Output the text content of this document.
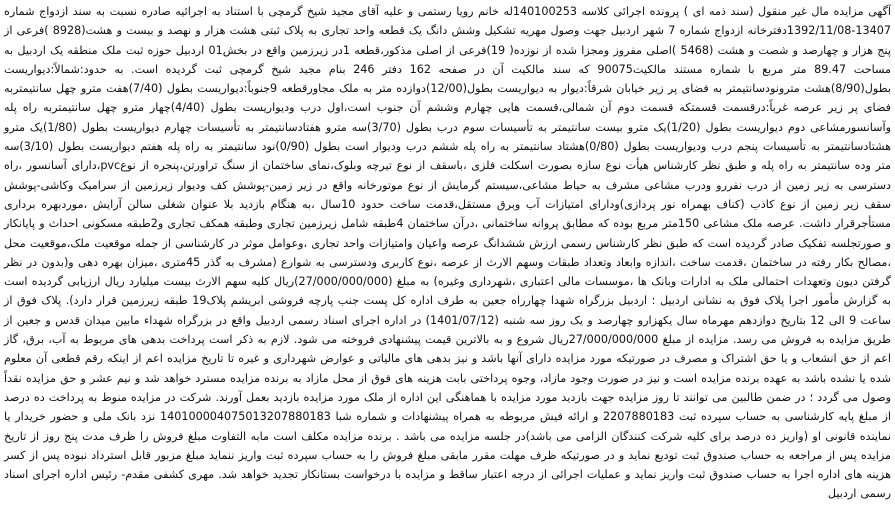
آگهی مزایده مال غیر منقول (سند ذمه ای ) پرونده اجرائی کلاسه 140100253له خانم رویا رستمی و علیه آقای مجید شیخ گرمچی با استناد به اجرائیه صادره نسبت به سند ازدواج شماره 13407-1392/11/08دفترخانه ازدواج شماره 7 شهر اردبیل جهت وصول مهریه تشکیل وشش دانگ یک قطعه واحد تجاری به پلاک ثبتی هشت هزار و نهصد و بیست و هشت(8928 )فرعی از پنج هزار و چهارصد و شصت و هشت (5468 )اصلی مفروز ومجزا شده از نوزده( 19)فرعی از اصلی مذکور،قطعه 1در زیرزمین واقع در بخش01 اردبیل حوزه ثبت ملک منطقه یک اردبیل به مساحت 89.47 متر مربع با شماره مستند مالکیت90075 که سند مالکیت آن در صفحه 162 دفتر 246 بنام مجید شیخ گرمچی ثبت گردیده است. به حدود:شمالاً:دیواریست بطول(8/90)هشت مترونودسانتیمتر به فضای پر زیر خیابان شرقاً:دیوار به دیواریست بطول(12/00)دوازده متر به ملک مجاورقطعه 9جنوباً:دیواریست بطول (7/40)هفت مترو چهل سانتیمتربه فضای پر زیر عرصه غرباً:درقسمت قسمتکه قسمت دوم آن شمالی،قسمت هایی چهارم وششم آن جنوب است،اول درب ودیواریست بطول (4/40)چهار مترو چهل سانتیمتربه راه پله وآسانسورمشاعی دوم دیواریست بطول (1/20)یک مترو بیست سانتیمتر به تأسیسات سوم درب بطول (3/70)سه مترو هفتادسانتیمتر به تأسیسات چهارم دیواریست بطول (1/80)یک مترو هشتادسانتیمتر به تأسیسات پنجم درب ودیواریست بطول (0/80)هشتاد سانتیمتر به راه پله ششم درب ودیوار است بطول (0/90)نود سانتیمتر به راه پله هفتم دیواریست بطول (3/10)سه متر وده سانتیمتر به راه پله و طبق نظر کارشناس هیأت نوع سازه بصورت اسکلت فلزی ،باسقف از نوع تیرچه وبلوک،نمای ساختمان از سنگ تراورتن،پنجره از نوعpvc،دارای آسانسور ،راه دسترسی به زیر زمین از درب نفررو ودرب مشاعی مشرف به حیاط مشاعی،سیستم گرمایش از نوع موتورخانه واقع در زیر زمین-پوشش کف ودیوار زیرزمین از سرامیک وکاشی-پوشش سقف زیر زمین از نوع کاذب (کناف بهمراه نور پردازی)ودارای امتیازات آب وبرق مستقل،قدمت ساخت حدود 10سال ،به هنگام بازدید بلا عنوان شغلی سالن آرایش ،موردبهره برداری مستأجرقرار داشت. عرصه ملک مشاعی 150متر مربع بوده که مطابق پروانه ساختمانی ،درآن ساختمان 4طبقه شامل زیرزمین تجاری وطبقه همکف تجاری و2طبقه مسکونی احداث و پایانکار و صورتجلسه تفکیک صادر گردیده است که طبق نظر کارشناس رسمی ارزش ششدانگ عرصه واعیان وامتیازات واحد تجاری ،وعوامل موثر در کارشناسی از جمله موقعیت ملک،موقعیت محل ،مصالح بکار رفته در ساختمان ،قدمت ساخت ،اندازه وابعاد وتعداد طبقات وسهم الارث از عرصه ،نوع کاربری ودسترسی به شوارع (مشرف به گذر 45متری ،میزان بهره دهی و(بدون در نظر گرفتن دیون وتعهدات احتمالی ملک به ادارات وبانک ها ،موسسات مالی اعتباری ،شهرداری وغیره) به مبلغ (27/000/000/000)ریال کلیه سهم الارث بیست میلیارد ریال ارزیابی گردیده است به گزارش مأمور اجرا پلاک فوق به نشانی اردبیل : اردبیل بزرگراه شهدا چهارراه جعین به طرف اداره کل پست جنب پارچه فروشی ابریشم پلاک19 طبقه زیرزمین قرار دارد). پلاک فوق از ساعت 9 الی 12 بتاریخ دوازدهم مهرماه سال یکهزارو چهارصد و یک روز سه شنبه (1401/07/12) در اداره اجرای اسناد رسمی اردبیل واقع در بزرگراه شهداء مابین میدان قدس و جعین از طریق مزایده به فروش می رسد. مزایده از مبلغ 27/000/000/000ریال شروع و به بالاترین قیمت پیشنهادی فروخته می شود. لازم به ذکر است پرداخت بدهی های مربوط به آب، برق، گاز اعم از حق انشعاب و یا حق اشتراک و مصرف در صورتیکه مورد مزایده دارای آنها باشد و نیز بدهی های مالیاتی و عوارض شهرداری و غیره تا تاریخ مزایده اعم از اینکه رقم قطعی آن معلوم شده یا نشده باشد به عهده برنده مزایده است و نیز در صورت وجود مازاد، وجوه پرداختی بابت هزینه های فوق از محل مازاد به برنده مزایده مسترد خواهد شد و نیم عشر و حق مزایده نقداً وصول می گردد ؛ در ضمن طالبین می توانند تا روز مزایده جهت بازدید مورد مزایده با هماهنگی این اداره از ملک مورد مزایده بازدید بعمل آورند. شرکت در مزایده منوط به پرداخت ده درصد از مبلغ پایه کارشناسی به حساب سپرده ثبت 2207880183 و ارائه فیش مربوطه به همراه پیشنهادات و شماره شبا 140100004075013207880183 نزد بانک ملی و حضور خریدار یا نماینده قانونی او (واریز ده درصد برای کلیه شرکت کنندگان الزامی می باشد)در جلسه مزایده می باشد . برنده مزایده مکلف است مابه التفاوت مبلغ فروش را ظرف مدت پنج روز از تاریخ مزایده پس از مراجعه به حساب صندوق ثبت تودیع نماید و در صورتیکه ظرف مهلت مقرر مابقی مبلغ فروش را به حساب سپرده ثبت واریز ننماید مبلغ مزبور قابل استرداد نبوده پس از کسر هزینه های اداره اجرا به حساب صندوق ثبت واریز نماید و عملیات اجرائی از درجه اعتبار ساقط و مزایده با درخواست بستانکار تجدید خواهد شد. مهری کشفی مقدم- رئیس اداره اجرای اسناد رسمی اردبیل
